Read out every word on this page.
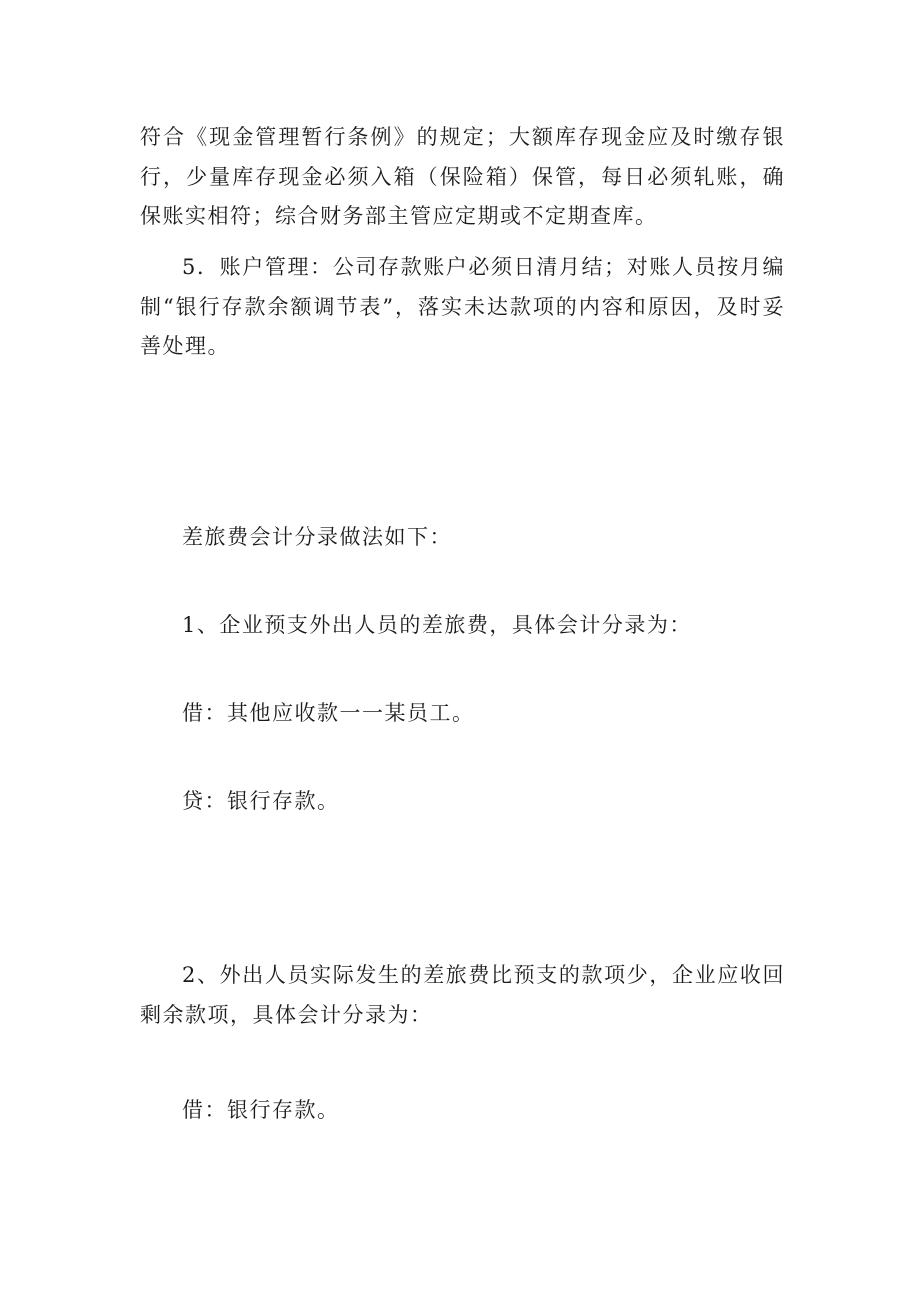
符合《现金管理暂行条例》的规定；大额库存现金应及时缴存银行，少量库存现金必须入箱（保险箱）保管，每日必须轧账，确保账实相符；综合财务部主管应定期或不定期查库。
5．账户管理：公司存款账户必须日清月结；对账人员按月编制“银行存款余额调节表”，落实未达款项的内容和原因，及时妥善处理。
差旅费会计分录做法如下：
1、企业预支外出人员的差旅费，具体会计分录为：
借：其他应收款一一某员工。
贷：银行存款。
2、外出人员实际发生的差旅费比预支的款项少，企业应收回剩余款项，具体会计分录为：
借：银行存款。
